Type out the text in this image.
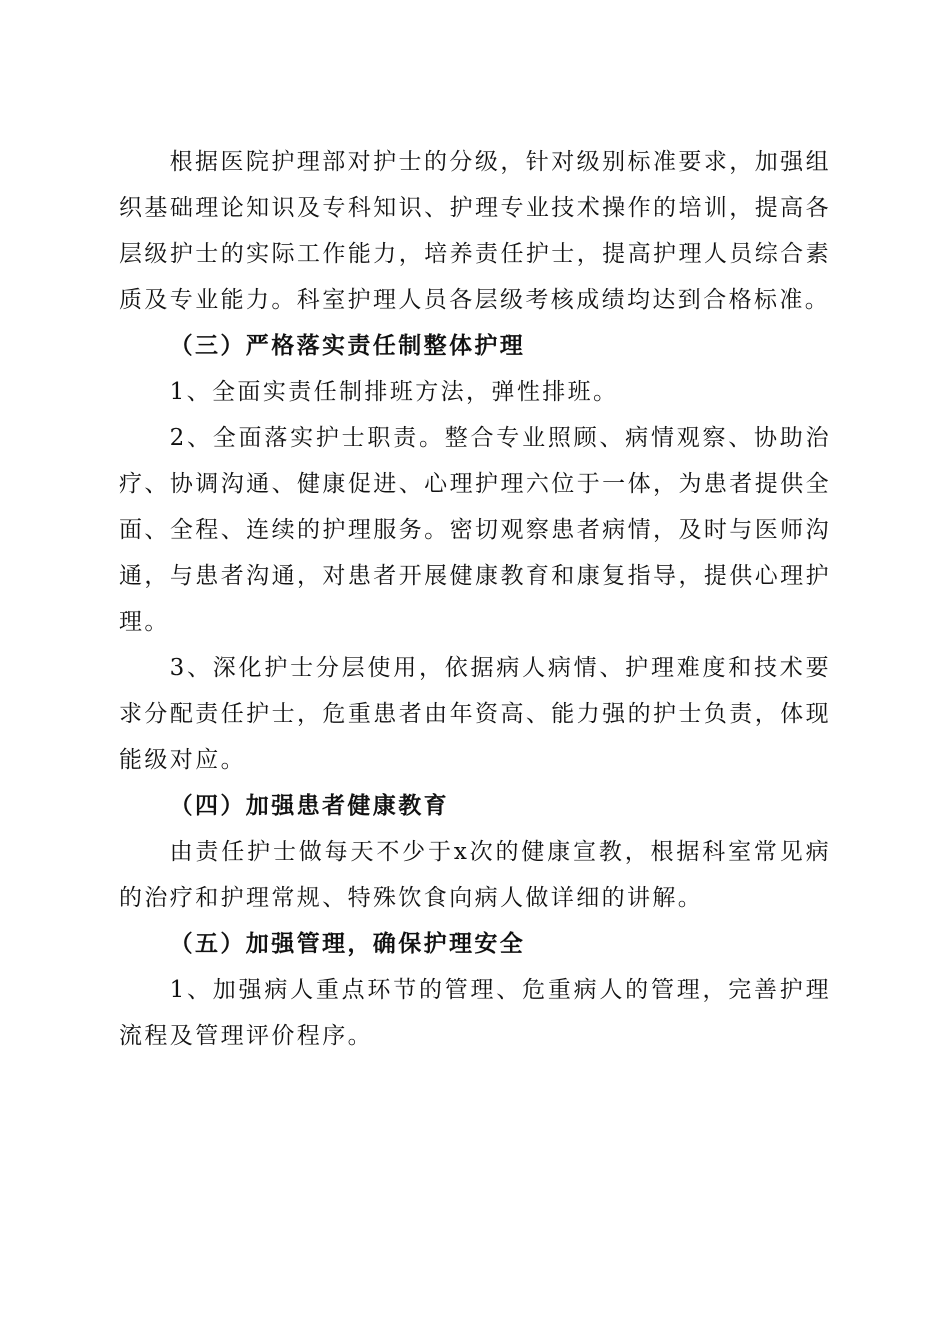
根据医院护理部对护士的分级，针对级别标准要求，加强组织基础理论知识及专科知识、护理专业技术操作的培训，提高各层级护士的实际工作能力，培养责任护士，提高护理人员综合素质及专业能力。科室护理人员各层级考核成绩均达到合格标准。

（三）严格落实责任制整体护理

1、全面实责任制排班方法，弹性排班。

2、全面落实护士职责。整合专业照顾、病情观察、协助治疗、协调沟通、健康促进、心理护理六位于一体，为患者提供全面、全程、连续的护理服务。密切观察患者病情，及时与医师沟通，与患者沟通，对患者开展健康教育和康复指导，提供心理护理。

3、深化护士分层使用，依据病人病情、护理难度和技术要求分配责任护士，危重患者由年资高、能力强的护士负责，体现能级对应。

（四）加强患者健康教育

由责任护士做每天不少于x次的健康宣教，根据科室常见病的治疗和护理常规、特殊饮食向病人做详细的讲解。

（五）加强管理，确保护理安全

1、加强病人重点环节的管理、危重病人的管理，完善护理流程及管理评价程序。
